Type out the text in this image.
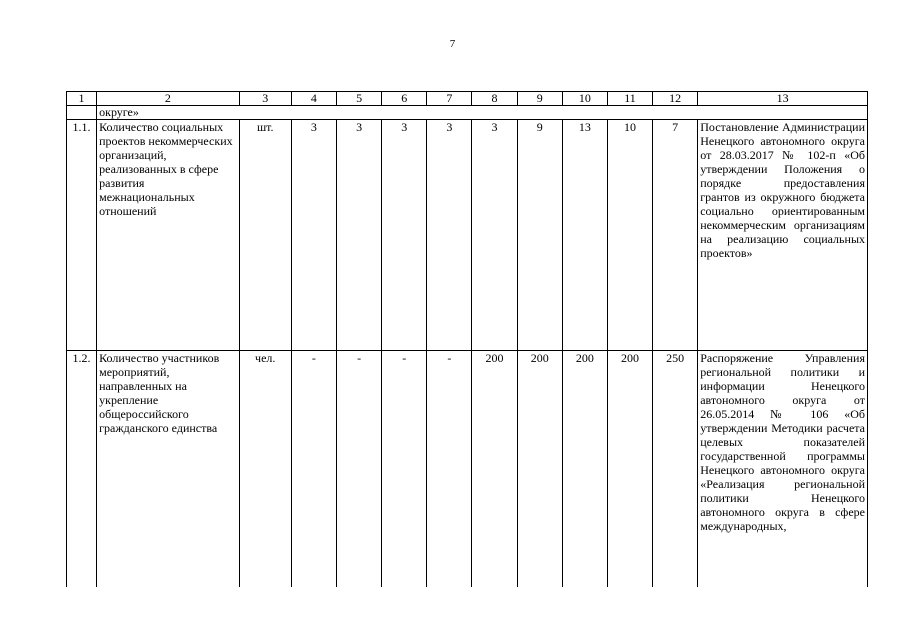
7
1	2	3	4	5	6	7	8	9	10	11	12	13
	округе»											
1.1.	Количество социальных проектов некоммерческих организаций, реализованных в сфере развития межнациональных отношений	шт.	3	3	3	3	3	9	13	10	7	Постановление Администрации Ненецкого автономного округа от 28.03.2017 № 102-п «Об утверждении Положения о порядке предоставления грантов из окружного бюджета социально ориентированным некоммерческим организациям на реализацию социальных проектов»
1.2.	Количество участников мероприятий, направленных на укрепление общероссийского гражданского единства	чел.	-	-	-	-	200	200	200	200	250	Распоряжение Управления региональной политики и информации Ненецкого автономного округа от 26.05.2014 № 106 «Об утверждении Методики расчета целевых показателей государственной программы Ненецкого автономного округа «Реализация региональной политики Ненецкого автономного округа в сфере международных,
